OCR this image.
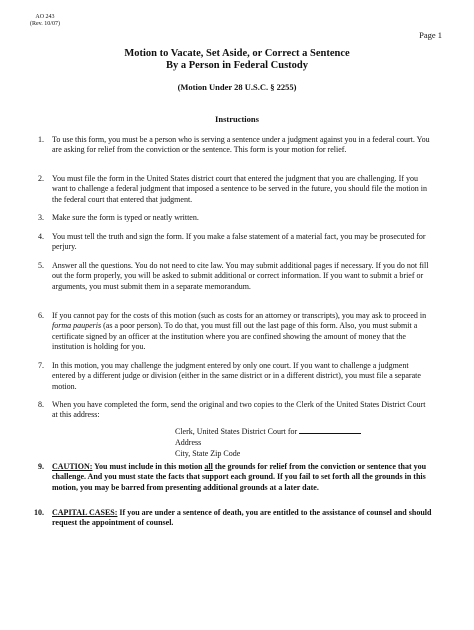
AO 243
(Rev. 10/07)
Page 1
Motion to Vacate, Set Aside, or Correct a Sentence
By a Person in Federal Custody
(Motion Under 28 U.S.C. § 2255)
Instructions
1. To use this form, you must be a person who is serving a sentence under a judgment against you in a federal court. You are asking for relief from the conviction or the sentence. This form is your motion for relief.

2. You must file the form in the United States district court that entered the judgment that you are challenging. If you want to challenge a federal judgment that imposed a sentence to be served in the future, you should file the motion in the federal court that entered that judgment.

3. Make sure the form is typed or neatly written.

4. You must tell the truth and sign the form. If you make a false statement of a material fact, you may be prosecuted for perjury.

5. Answer all the questions. You do not need to cite law. You may submit additional pages if necessary. If you do not fill out the form properly, you will be asked to submit additional or correct information. If you want to submit a brief or arguments, you must submit them in a separate memorandum.

6. If you cannot pay for the costs of this motion (such as costs for an attorney or transcripts), you may ask to proceed in forma pauperis (as a poor person). To do that, you must fill out the last page of this form. Also, you must submit a certificate signed by an officer at the institution where you are confined showing the amount of money that the institution is holding for you.

7. In this motion, you may challenge the judgment entered by only one court. If you want to challenge a judgment entered by a different judge or division (either in the same district or in a different district), you must file a separate motion.

8. When you have completed the form, send the original and two copies to the Clerk of the United States District Court at this address:

Clerk, United States District Court for
Address
City, State Zip Code
9. CAUTION: You must include in this motion all the grounds for relief from the conviction or sentence that you challenge. And you must state the facts that support each ground. If you fail to set forth all the grounds in this motion, you may be barred from presenting additional grounds at a later date.

10. CAPITAL CASES: If you are under a sentence of death, you are entitled to the assistance of counsel and should request the appointment of counsel.
